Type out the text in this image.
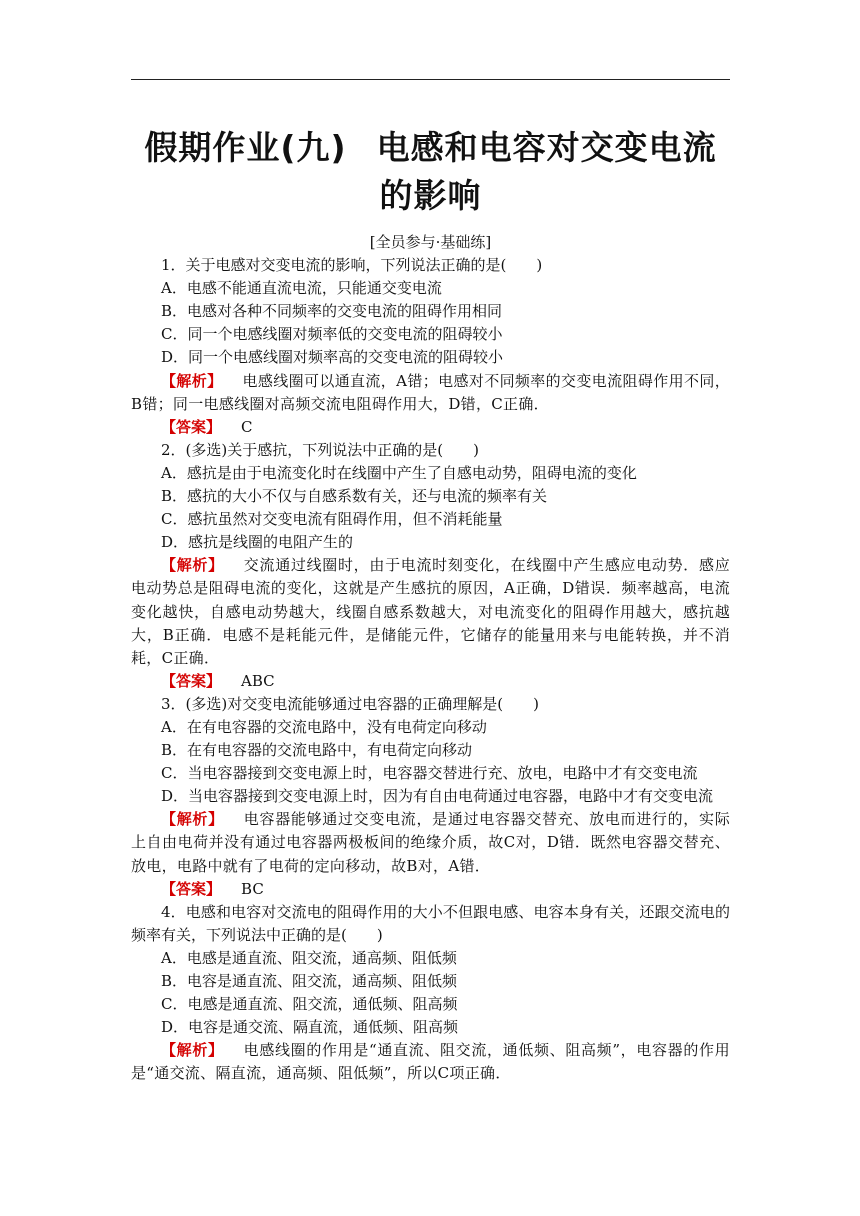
假期作业(九) 电感和电容对交变电流的影响

[全员参与·基础练]

1．关于电感对交变电流的影响，下列说法正确的是(　　)

A．电感不能通直流电流，只能通交变电流

B．电感对各种不同频率的交变电流的阻碍作用相同

C．同一个电感线圈对频率低的交变电流的阻碍较小

D．同一个电感线圈对频率高的交变电流的阻碍较小

【解析】 电感线圈可以通直流，A错；电感对不同频率的交变电流阻碍作用不同，B错；同一电感线圈对高频交流电阻碍作用大，D错，C正确．

【答案】 C

2．(多选)关于感抗，下列说法中正确的是(　　)

A．感抗是由于电流变化时在线圈中产生了自感电动势，阻碍电流的变化

B．感抗的大小不仅与自感系数有关，还与电流的频率有关

C．感抗虽然对交变电流有阻碍作用，但不消耗能量

D．感抗是线圈的电阻产生的

【解析】 交流通过线圈时，由于电流时刻变化，在线圈中产生感应电动势．感应电动势总是阻碍电流的变化，这就是产生感抗的原因，A正确，D错误．频率越高，电流变化越快，自感电动势越大，线圈自感系数越大，对电流变化的阻碍作用越大，感抗越大，B正确．电感不是耗能元件，是储能元件，它储存的能量用来与电能转换，并不消耗，C正确．

【答案】 ABC

3．(多选)对交变电流能够通过电容器的正确理解是(　　)

A．在有电容器的交流电路中，没有电荷定向移动

B．在有电容器的交流电路中，有电荷定向移动

C．当电容器接到交变电源上时，电容器交替进行充、放电，电路中才有交变电流

D．当电容器接到交变电源上时，因为有自由电荷通过电容器，电路中才有交变电流

【解析】 电容器能够通过交变电流，是通过电容器交替充、放电而进行的，实际上自由电荷并没有通过电容器两极板间的绝缘介质，故C对，D错．既然电容器交替充、放电，电路中就有了电荷的定向移动，故B对，A错．

【答案】 BC

4．电感和电容对交流电的阻碍作用的大小不但跟电感、电容本身有关，还跟交流电的频率有关，下列说法中正确的是(　　)

A．电感是通直流、阻交流，通高频、阻低频

B．电容是通直流、阻交流，通高频、阻低频

C．电感是通直流、阻交流，通低频、阻高频

D．电容是通交流、隔直流，通低频、阻高频

【解析】 电感线圈的作用是“通直流、阻交流，通低频、阻高频”，电容器的作用是“通交流、隔直流，通高频、阻低频”，所以C项正确．
